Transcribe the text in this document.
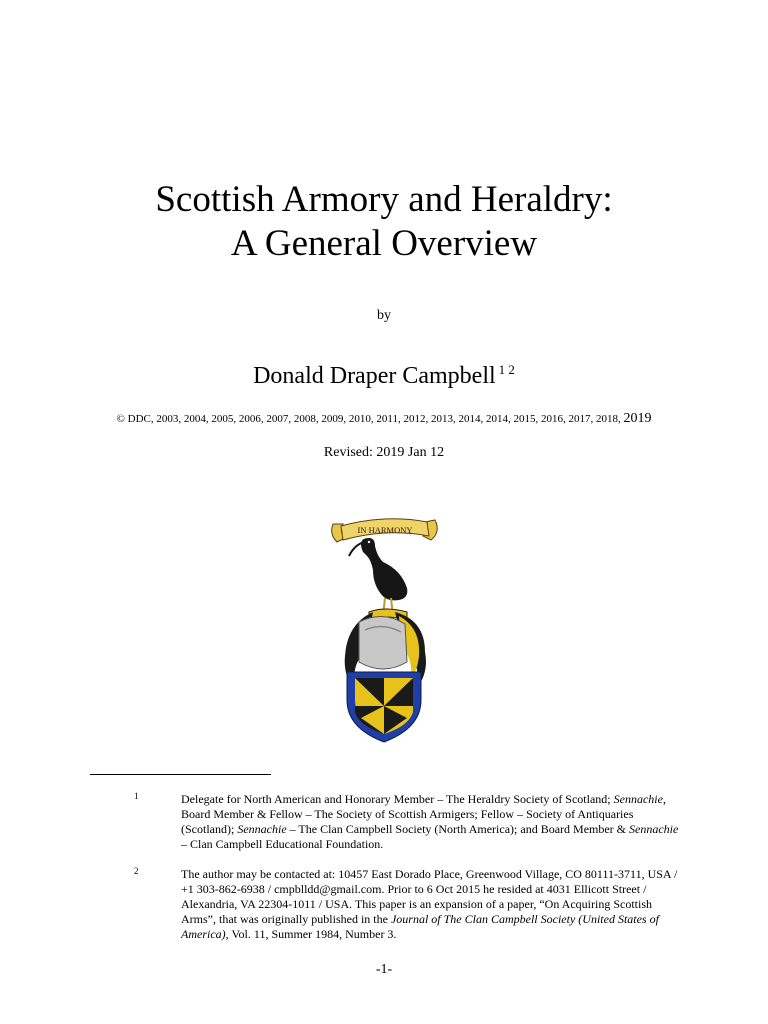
Scottish Armory and Heraldry:
A General Overview
by
Donald Draper Campbell $^{1 2}$
© DDC, 2003, 2004, 2005, 2006, 2007, 2008, 2009, 2010, 2011, 2012, 2013, 2014, 2014, 2015, 2016, 2017, 2018, 2019
Revised: 2019 Jan 12
IN HARMONY
1	Delegate for North American and Honorary Member – The Heraldry Society of Scotland; Sennachie, Board Member & Fellow – The Society of Scottish Armigers; Fellow – Society of Antiquaries (Scotland); Sennachie – The Clan Campbell Society (North America); and Board Member & Sennachie – Clan Campbell Educational Foundation.
2	The author may be contacted at: 10457 East Dorado Place, Greenwood Village, CO 80111-3711, USA / +1 303-862-6938 / cmpblldd@gmail.com. Prior to 6 Oct 2015 he resided at 4031 Ellicott Street / Alexandria, VA 22304-1011 / USA. This paper is an expansion of a paper, “On Acquiring Scottish Arms”, that was originally published in the Journal of The Clan Campbell Society (United States of America), Vol. 11, Summer 1984, Number 3.
-1-
